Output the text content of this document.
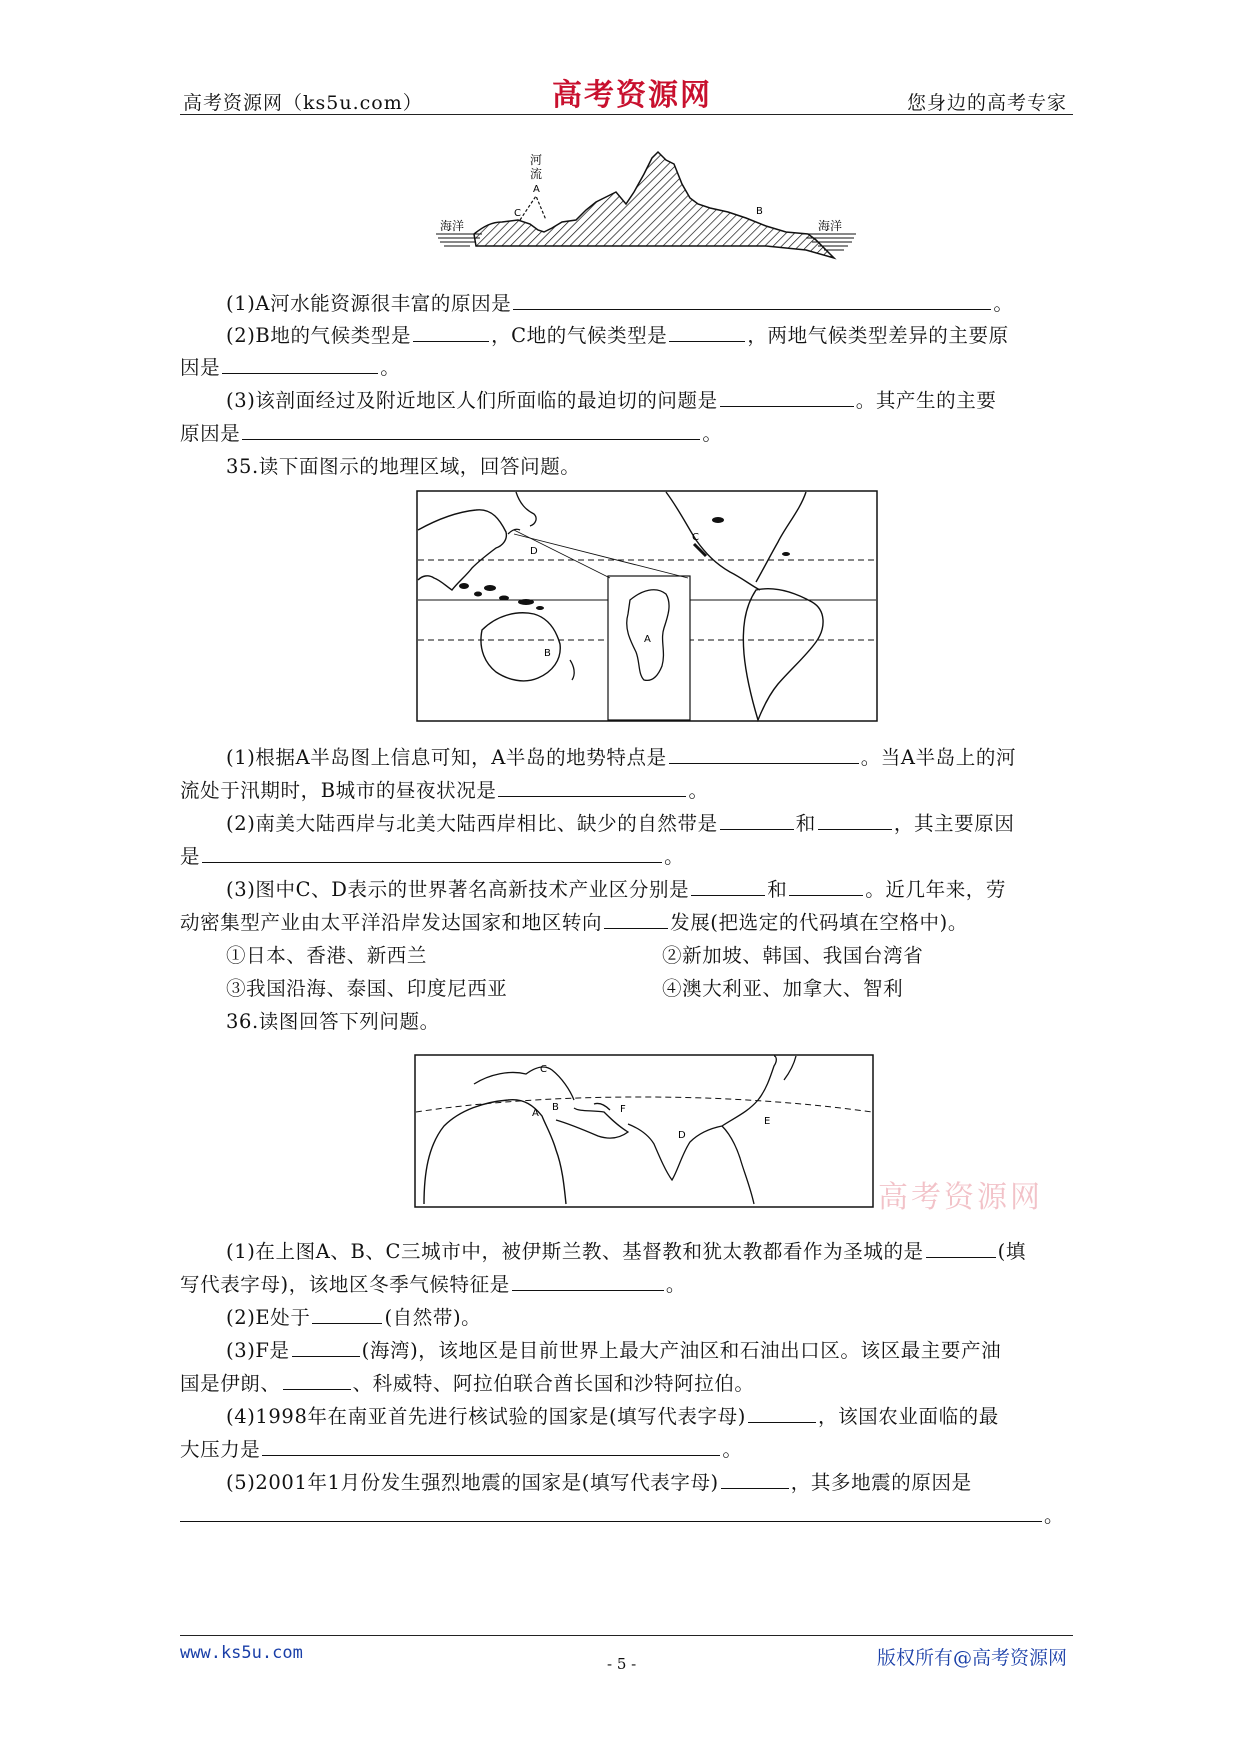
高考资源网（ks5u.com）	高考资源网	您身边的高考专家
海洋	海洋
河
流
A
C	B
(1)A河水能资源很丰富的原因是	。
(2)B地的气候类型是	，C地的气候类型是	，两地气候类型差异的主要原
因是	。
(3)该剖面经过及附近地区人们所面临的最迫切的问题是	。其产生的主要
原因是	。
35.读下面图示的地理区域，回答问题。
A
B
C
D
(1)根据A半岛图上信息可知，A半岛的地势特点是	。当A半岛上的河
流处于汛期时，B城市的昼夜状况是	。
(2)南美大陆西岸与北美大陆西岸相比、缺少的自然带是	和	，其主要原因
是	。
(3)图中C、D表示的世界著名高新技术产业区分别是	和	。近几年来，劳
动密集型产业由太平洋沿岸发达国家和地区转向	发展(把选定的代码填在空格中)。
①日本、香港、新西兰	②新加坡、韩国、我国台湾省
③我国沿海、泰国、印度尼西亚	④澳大利亚、加拿大、智利
36.读图回答下列问题。
A
B
C
D
E
F
高考资源网
(1)在上图A、B、C三城市中，被伊斯兰教、基督教和犹太教都看作为圣城的是	(填
写代表字母)，该地区冬季气候特征是	。
(2)E处于	(自然带)。
(3)F是	(海湾)，该地区是目前世界上最大产油区和石油出口区。该区最主要产油
国是伊朗、	、科威特、阿拉伯联合酋长国和沙特阿拉伯。
(4)1998年在南亚首先进行核试验的国家是(填写代表字母)	，该国农业面临的最
大压力是	。
(5)2001年1月份发生强烈地震的国家是(填写代表字母)	，其多地震的原因是
。
www.ks5u.com
- 5 -	版权所有@高考资源网
